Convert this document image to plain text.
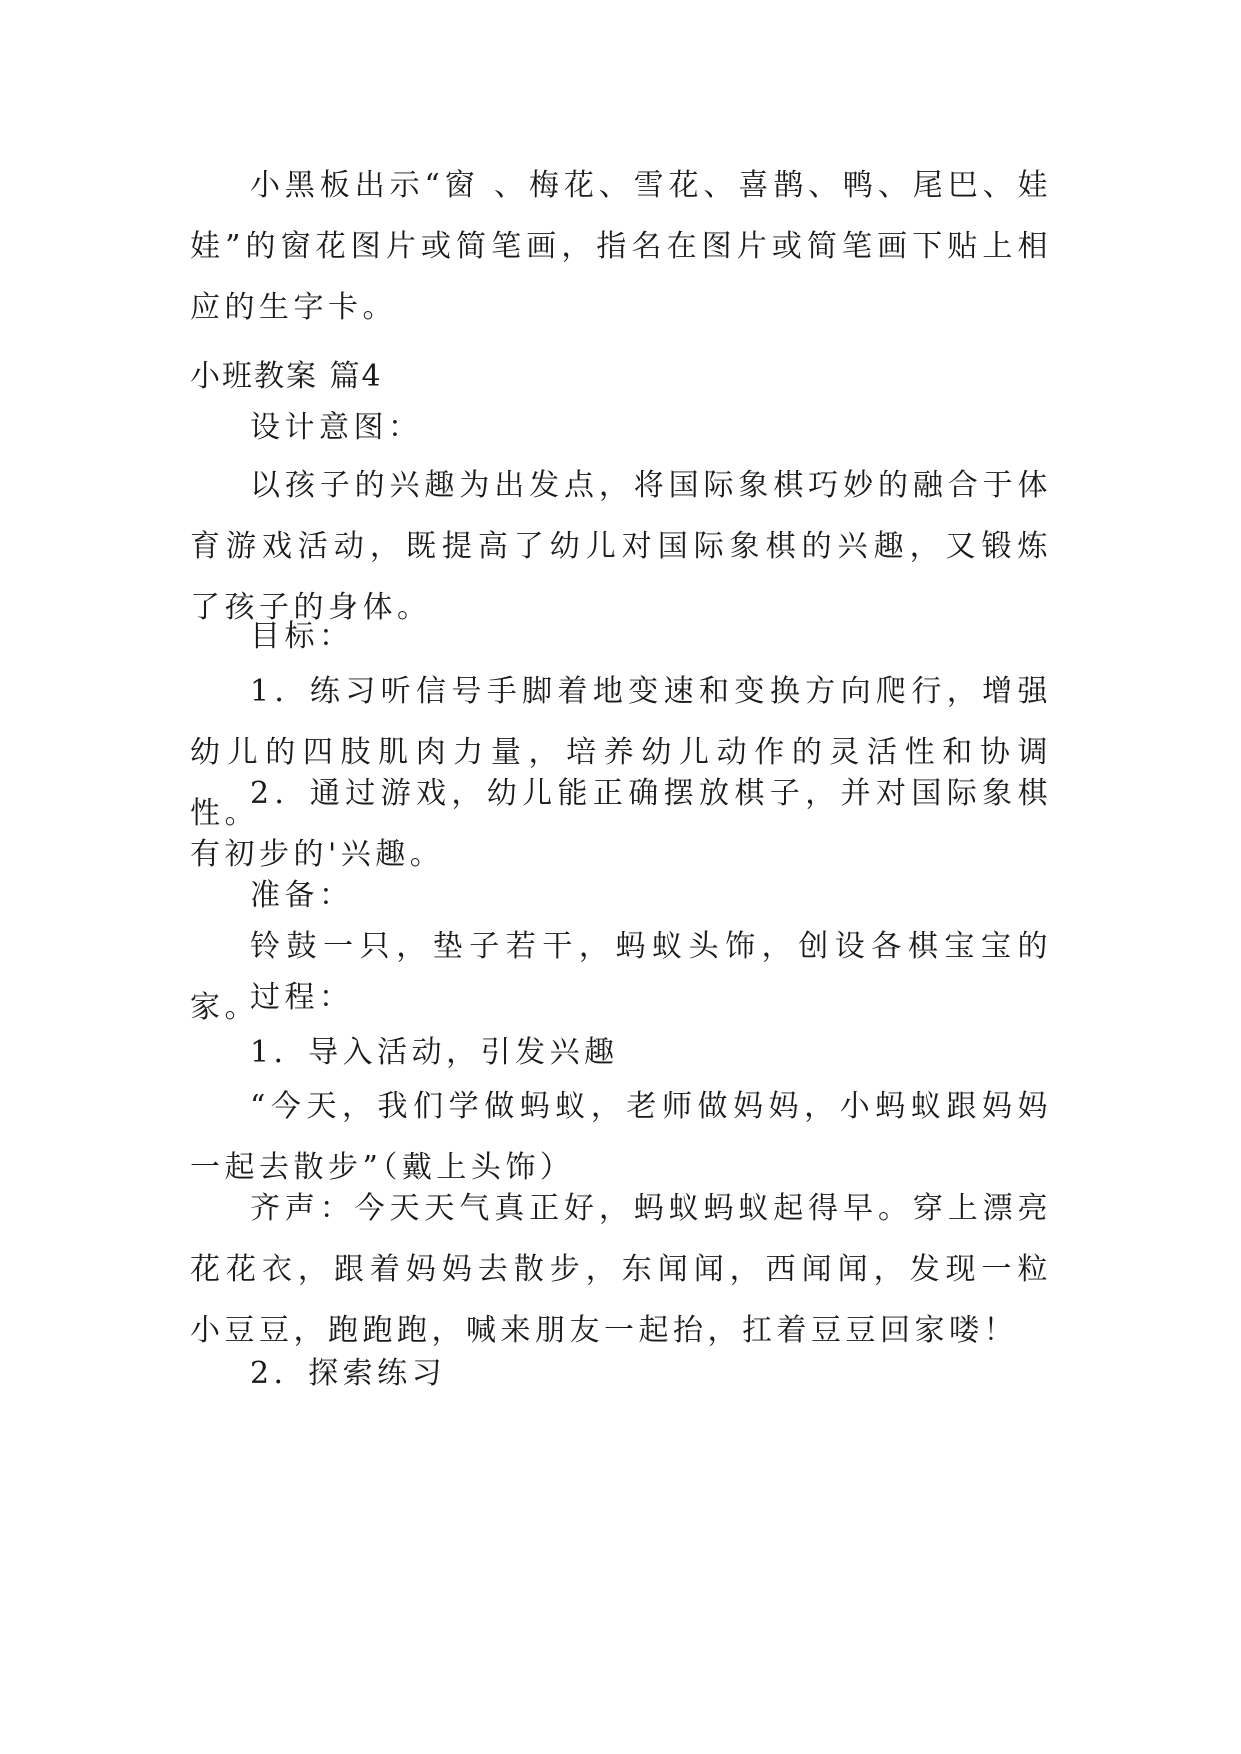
小黑板出示“窗 、梅花、雪花、喜鹊、鸭、尾巴、娃娃”的窗花图片或简笔画，指名在图片或简笔画下贴上相应的生字卡。

小班教案 篇4

设计意图：

以孩子的兴趣为出发点，将国际象棋巧妙的融合于体育游戏活动，既提高了幼儿对国际象棋的兴趣，又锻炼了孩子的身体。

目标：

1．练习听信号手脚着地变速和变换方向爬行，增强幼儿的四肢肌肉力量，培养幼儿动作的灵活性和协调性。

2．通过游戏，幼儿能正确摆放棋子，并对国际象棋有初步的'兴趣。

准备：

铃鼓一只，垫子若干，蚂蚁头饰，创设各棋宝宝的家。

过程：

1．导入活动，引发兴趣

“今天，我们学做蚂蚁，老师做妈妈，小蚂蚁跟妈妈一起去散步”（戴上头饰）

齐声：今天天气真正好，蚂蚁蚂蚁起得早。穿上漂亮花花衣，跟着妈妈去散步，东闻闻，西闻闻，发现一粒小豆豆，跑跑跑，喊来朋友一起抬，扛着豆豆回家喽！

2．探索练习
